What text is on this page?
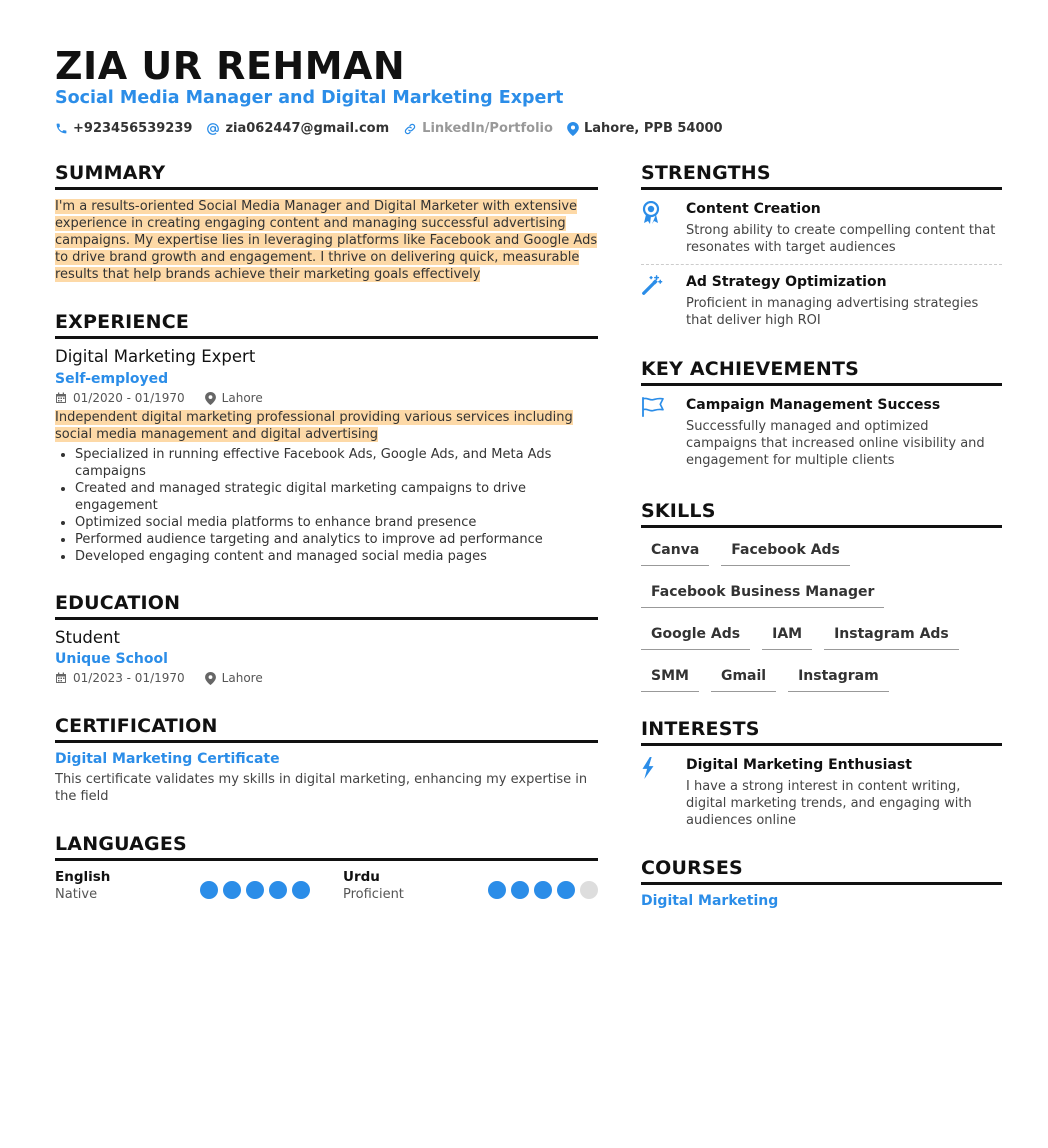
ZIA UR REHMAN
Social Media Manager and Digital Marketing Expert
+923456539239	zia062447@gmail.com	LinkedIn/Portfolio Lahore, PPB 54000
SUMMARY
I'm a results-oriented Social Media Manager and Digital Marketer with extensive experience in creating engaging content and managing successful advertising campaigns. My expertise lies in leveraging platforms like Facebook and Google Ads to drive brand growth and engagement. I thrive on delivering quick, measurable results that help brands achieve their marketing goals effectively
EXPERIENCE
Digital Marketing Expert
Self-employed
01/2020 - 01/1970	Lahore
Independent digital marketing professional providing various services including social media management and digital advertising
• Specialized in running effective Facebook Ads, Google Ads, and Meta Ads campaigns
• Created and managed strategic digital marketing campaigns to drive engagement
• Optimized social media platforms to enhance brand presence
• Performed audience targeting and analytics to improve ad performance
• Developed engaging content and managed social media pages
EDUCATION
Student
Unique School
01/2023 - 01/1970	Lahore
CERTIFICATION
Digital Marketing Certificate
This certificate validates my skills in digital marketing, enhancing my expertise in the field
LANGUAGES
English
Native
Urdu
Proficient
STRENGTHS
Content Creation
Strong ability to create compelling content that resonates with target audiences
Ad Strategy Optimization
Proficient in managing advertising strategies that deliver high ROI
KEY ACHIEVEMENTS
Campaign Management Success
Successfully managed and optimized campaigns that increased online visibility and engagement for multiple clients
SKILLS
Canva	Facebook Ads
Facebook Business Manager
Google Ads	IAM	Instagram Ads
SMM	Gmail	Instagram
INTERESTS
Digital Marketing Enthusiast
I have a strong interest in content writing, digital marketing trends, and engaging with audiences online
COURSES
Digital Marketing
